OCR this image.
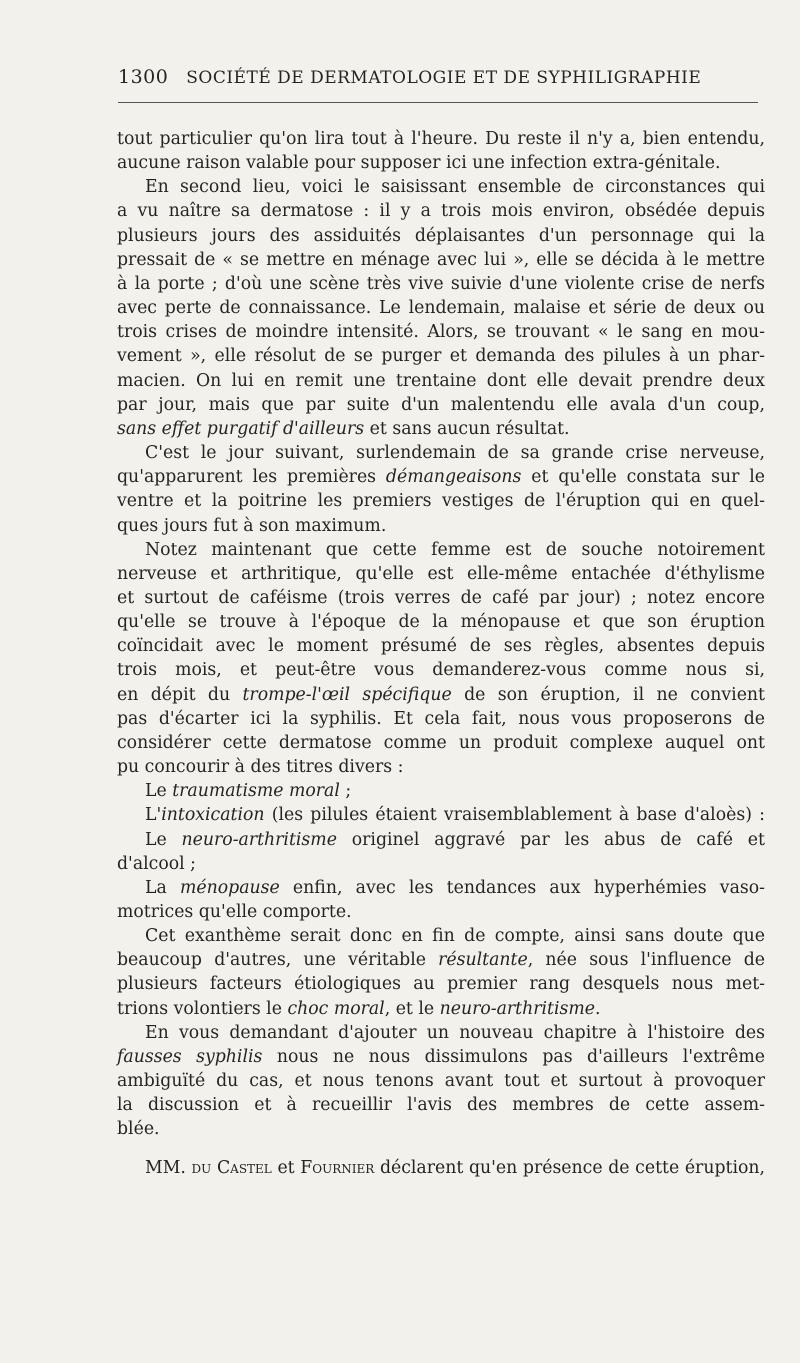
1300 SOCIÉTÉ DE DERMATOLOGIE ET DE SYPHILIGRAPHIE
tout particulier qu'on lira tout à l'heure. Du reste il n'y a, bien entendu,
aucune raison valable pour supposer ici une infection extra-génitale.
En second lieu, voici le saisissant ensemble de circonstances qui
a vu naître sa dermatose : il y a trois mois environ, obsédée depuis
plusieurs jours des assiduités déplaisantes d'un personnage qui la
pressait de « se mettre en ménage avec lui », elle se décida à le mettre
à la porte ; d'où une scène très vive suivie d'une violente crise de nerfs
avec perte de connaissance. Le lendemain, malaise et série de deux ou
trois crises de moindre intensité. Alors, se trouvant « le sang en mou-
vement », elle résolut de se purger et demanda des pilules à un phar-
macien. On lui en remit une trentaine dont elle devait prendre deux
par jour, mais que par suite d'un malentendu elle avala d'un coup,
sans effet purgatif d'ailleurs et sans aucun résultat.
C'est le jour suivant, surlendemain de sa grande crise nerveuse,
qu'apparurent les premières démangeaisons et qu'elle constata sur le
ventre et la poitrine les premiers vestiges de l'éruption qui en quel-
ques jours fut à son maximum.
Notez maintenant que cette femme est de souche notoirement
nerveuse et arthritique, qu'elle est elle-même entachée d'éthylisme
et surtout de caféisme (trois verres de café par jour) ; notez encore
qu'elle se trouve à l'époque de la ménopause et que son éruption
coïncidait avec le moment présumé de ses règles, absentes depuis
trois mois, et peut-être vous demanderez-vous comme nous si,
en dépit du trompe-l'œil spécifique de son éruption, il ne convient
pas d'écarter ici la syphilis. Et cela fait, nous vous proposerons de
considérer cette dermatose comme un produit complexe auquel ont
pu concourir à des titres divers :
Le traumatisme moral ;
L'intoxication (les pilules étaient vraisemblablement à base d'aloès) :
Le neuro-arthritisme originel aggravé par les abus de café et
d'alcool ;
La ménopause enfin, avec les tendances aux hyperhémies vaso-
motrices qu'elle comporte.
Cet exanthème serait donc en fin de compte, ainsi sans doute que
beaucoup d'autres, une véritable résultante, née sous l'influence de
plusieurs facteurs étiologiques au premier rang desquels nous met-
trions volontiers le choc moral, et le neuro-arthritisme.
En vous demandant d'ajouter un nouveau chapitre à l'histoire des
fausses syphilis nous ne nous dissimulons pas d'ailleurs l'extrême
ambiguïté du cas, et nous tenons avant tout et surtout à provoquer
la discussion et à recueillir l'avis des membres de cette assem-
blée.
MM. du Castel et Fournier déclarent qu'en présence de cette éruption,
